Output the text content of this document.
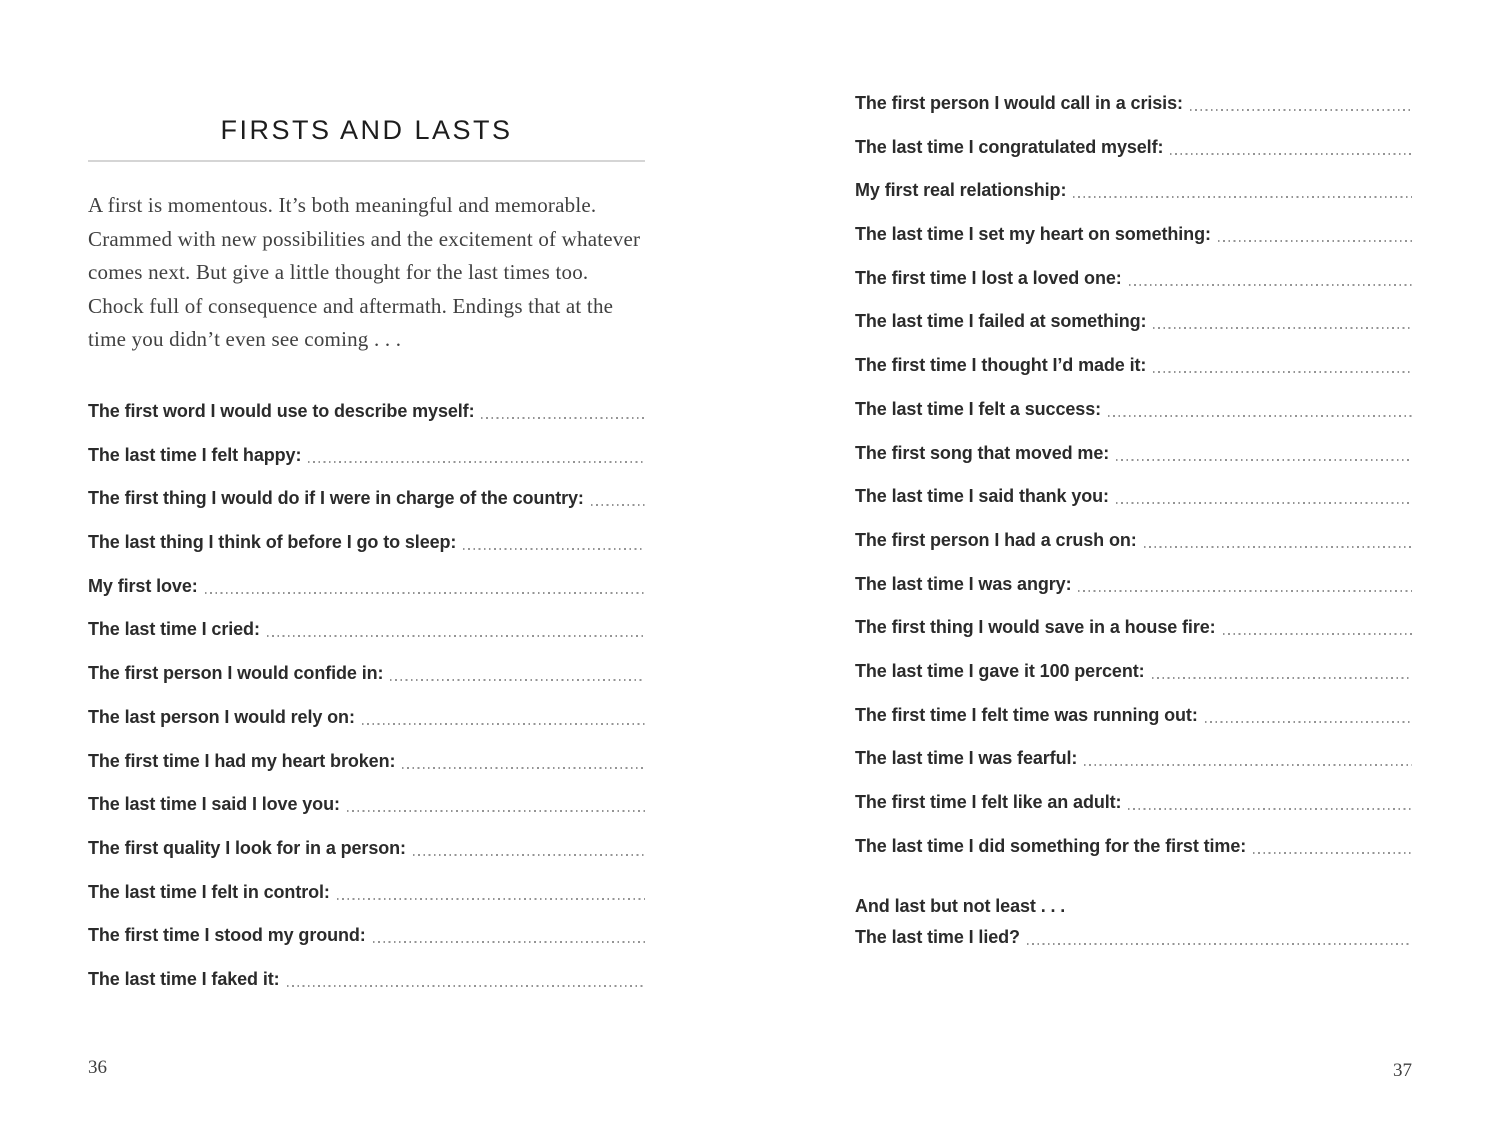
FIRSTS AND LASTS

A first is momentous. It’s both meaningful and memorable. Crammed with new possibilities and the excitement of whatever comes next. But give a little thought for the last times too. Chock full of consequence and aftermath. Endings that at the time you didn’t even see coming . . .

The first word I would use to describe myself:
The last time I felt happy:
The first thing I would do if I were in charge of the country:
The last thing I think of before I go to sleep:
My first love:
The last time I cried:
The first person I would confide in:
The last person I would rely on:
The first time I had my heart broken:
The last time I said I love you:
The first quality I look for in a person:
The last time I felt in control:
The first time I stood my ground:
The last time I faked it:
36
The first person I would call in a crisis:
The last time I congratulated myself:
My first real relationship:
The last time I set my heart on something:
The first time I lost a loved one:
The last time I failed at something:
The first time I thought I’d made it:
The last time I felt a success:
The first song that moved me:
The last time I said thank you:
The first person I had a crush on:
The last time I was angry:
The first thing I would save in a house fire:
The last time I gave it 100 percent:
The first time I felt time was running out:
The last time I was fearful:
The first time I felt like an adult:
The last time I did something for the first time:
And last but not least . . .
The last time I lied?
37
